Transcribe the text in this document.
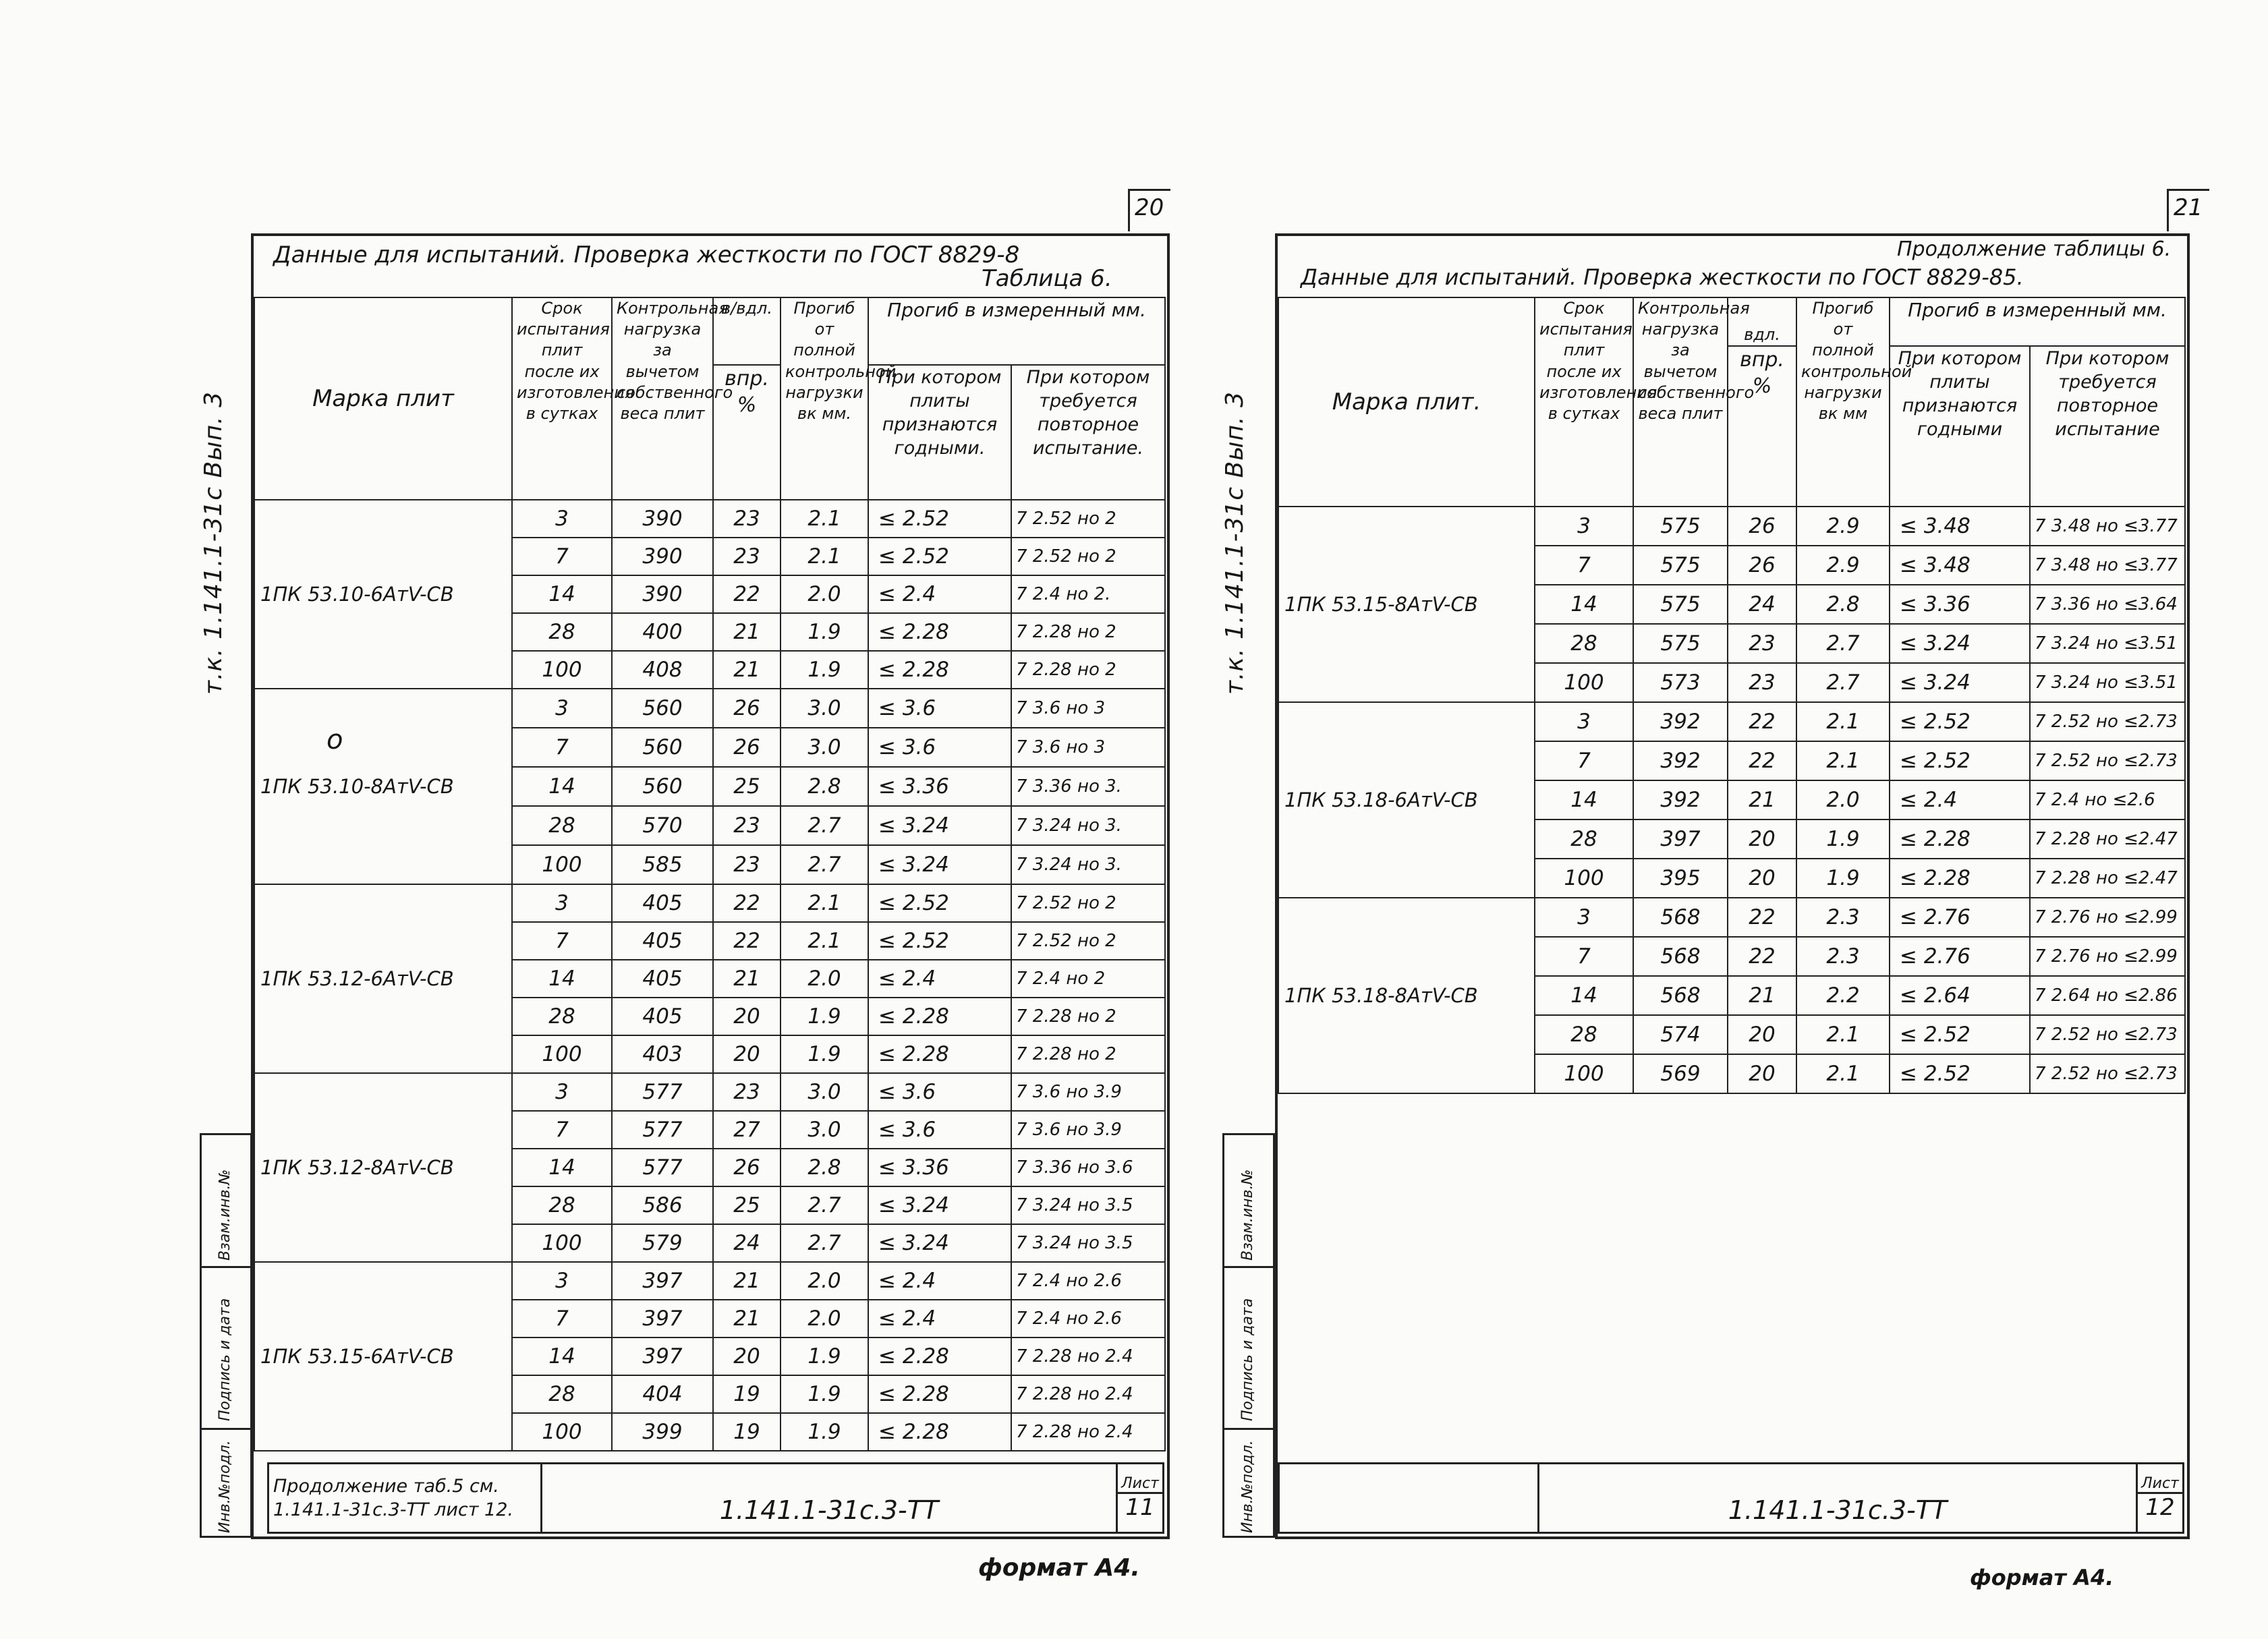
20
т.к. 1.141.1-31с Вып. 3
Данные для испытаний. Проверка жесткости по ГОСТ 8829-8
Таблица 6.
Марка плит	Срок испытания плит после их изготовления в сутках	Контрольная нагрузка за вычетом собственного веса плит	в/вдл.	Прогиб от полной контрольной нагрузки вк мм.	Прогиб в измеренный мм.	
			впр. %		При котором плиты признаются годными.	При котором требуется повторное испытание.
1ПК 53.10-6АтV-СВ	3	390	23	2.1	≤ 2.52	7 2.52 но 2
	7	390	23	2.1	≤ 2.52	7 2.52 но 2
	14	390	22	2.0	≤ 2.4	7 2.4 но 2.
	28	400	21	1.9	≤ 2.28	7 2.28 но 2
	100	408	21	1.9	≤ 2.28	7 2.28 но 2
1ПК 53.10-8АтV-СВ	3	560	26	3.0	≤ 3.6	7 3.6 но 3
	7	560	26	3.0	≤ 3.6	7 3.6 но 3
	14	560	25	2.8	≤ 3.36	7 3.36 но 3.
	28	570	23	2.7	≤ 3.24	7 3.24 но 3.
	100	585	23	2.7	≤ 3.24	7 3.24 но 3.
1ПК 53.12-6АтV-СВ	3	405	22	2.1	≤ 2.52	7 2.52 но 2
	7	405	22	2.1	≤ 2.52	7 2.52 но 2
	14	405	21	2.0	≤ 2.4	7 2.4 но 2
	28	405	20	1.9	≤ 2.28	7 2.28 но 2
	100	403	20	1.9	≤ 2.28	7 2.28 но 2
1ПК 53.12-8АтV-СВ	3	577	23	3.0	≤ 3.6	7 3.6 но 3.9
	7	577	27	3.0	≤ 3.6	7 3.6 но 3.9
	14	577	26	2.8	≤ 3.36	7 3.36 но 3.6
	28	586	25	2.7	≤ 3.24	7 3.24 но 3.5
	100	579	24	2.7	≤ 3.24	7 3.24 но 3.5
1ПК 53.15-6АтV-СВ	3	397	21	2.0	≤ 2.4	7 2.4 но 2.6
	7	397	21	2.0	≤ 2.4	7 2.4 но 2.6
	14	397	20	1.9	≤ 2.28	7 2.28 но 2.4
	28	404	19	1.9	≤ 2.28	7 2.28 но 2.4
	100	399	19	1.9	≤ 2.28	7 2.28 но 2.4
Инв.№подл.
Подпись и дата
Взам.инв.№
Продолжение таб.5 см. 1.141.1-31с.3-ТТ лист 12.	1.141.1-31с.3-ТТ	
Лист
11
формат А4.
21
т.к. 1.141.1-31с Вып. 3
Продолжение таблицы 6.
Данные для испытаний. Проверка жесткости по ГОСТ 8829-85.
Марка плит.	Срок испытания плит после их изготовления в сутках	Контрольная нагрузка за вычетом собственного веса плит	вдл.	Прогиб от полной контрольной нагрузки вк мм	Прогиб в измеренный мм.	
			впр. %		При котором плиты признаются годными	При котором требуется повторное испытание
1ПК 53.15-8АтV-СВ	3	575	26	2.9	≤ 3.48	7 3.48 но ≤3.77
	7	575	26	2.9	≤ 3.48	7 3.48 но ≤3.77
	14	575	24	2.8	≤ 3.36	7 3.36 но ≤3.64
	28	575	23	2.7	≤ 3.24	7 3.24 но ≤3.51
	100	573	23	2.7	≤ 3.24	7 3.24 но ≤3.51
1ПК 53.18-6АтV-СВ	3	392	22	2.1	≤ 2.52	7 2.52 но ≤2.73
	7	392	22	2.1	≤ 2.52	7 2.52 но ≤2.73
	14	392	21	2.0	≤ 2.4	7 2.4 но ≤2.6
	28	397	20	1.9	≤ 2.28	7 2.28 но ≤2.47
	100	395	20	1.9	≤ 2.28	7 2.28 но ≤2.47
1ПК 53.18-8АтV-СВ	3	568	22	2.3	≤ 2.76	7 2.76 но ≤2.99
	7	568	22	2.3	≤ 2.76	7 2.76 но ≤2.99
	14	568	21	2.2	≤ 2.64	7 2.64 но ≤2.86
	28	574	20	2.1	≤ 2.52	7 2.52 но ≤2.73
	100	569	20	2.1	≤ 2.52	7 2.52 но ≤2.73
Инв.№подл.
Подпись и дата
Взам.инв.№
	1.141.1-31с.3-ТТ	
Лист
12
формат А4.
o
